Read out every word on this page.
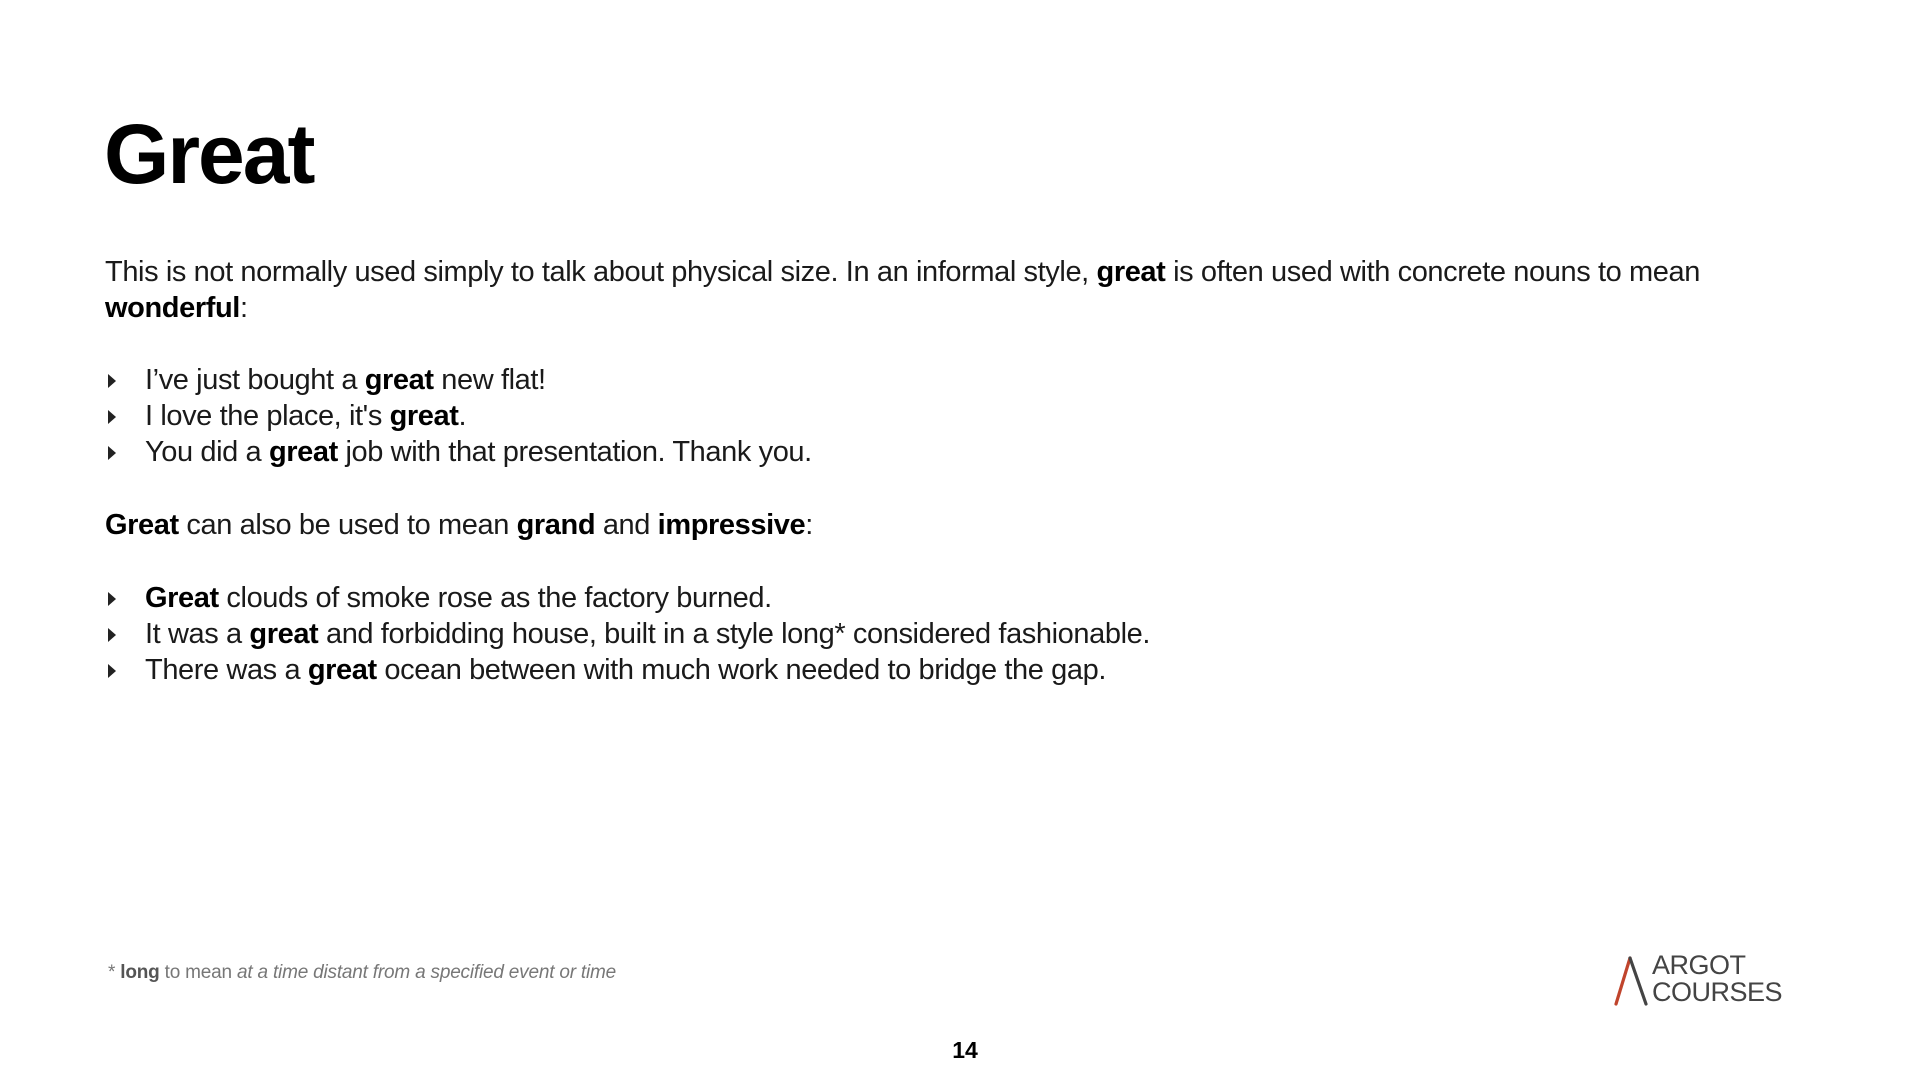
Great

This is not normally used simply to talk about physical size. In an informal style, great is often used with concrete nouns to mean wonderful:

I’ve just bought a great new flat!
I love the place, it's great.
You did a great job with that presentation. Thank you.

Great can also be used to mean grand and impressive:

Great clouds of smoke rose as the factory burned.
It was a great and forbidding house, built in a style long* considered fashionable.
There was a great ocean between with much work needed to bridge the gap.
* long to mean at a time distant from a specified event or time	ARGOT
COURSES
14
